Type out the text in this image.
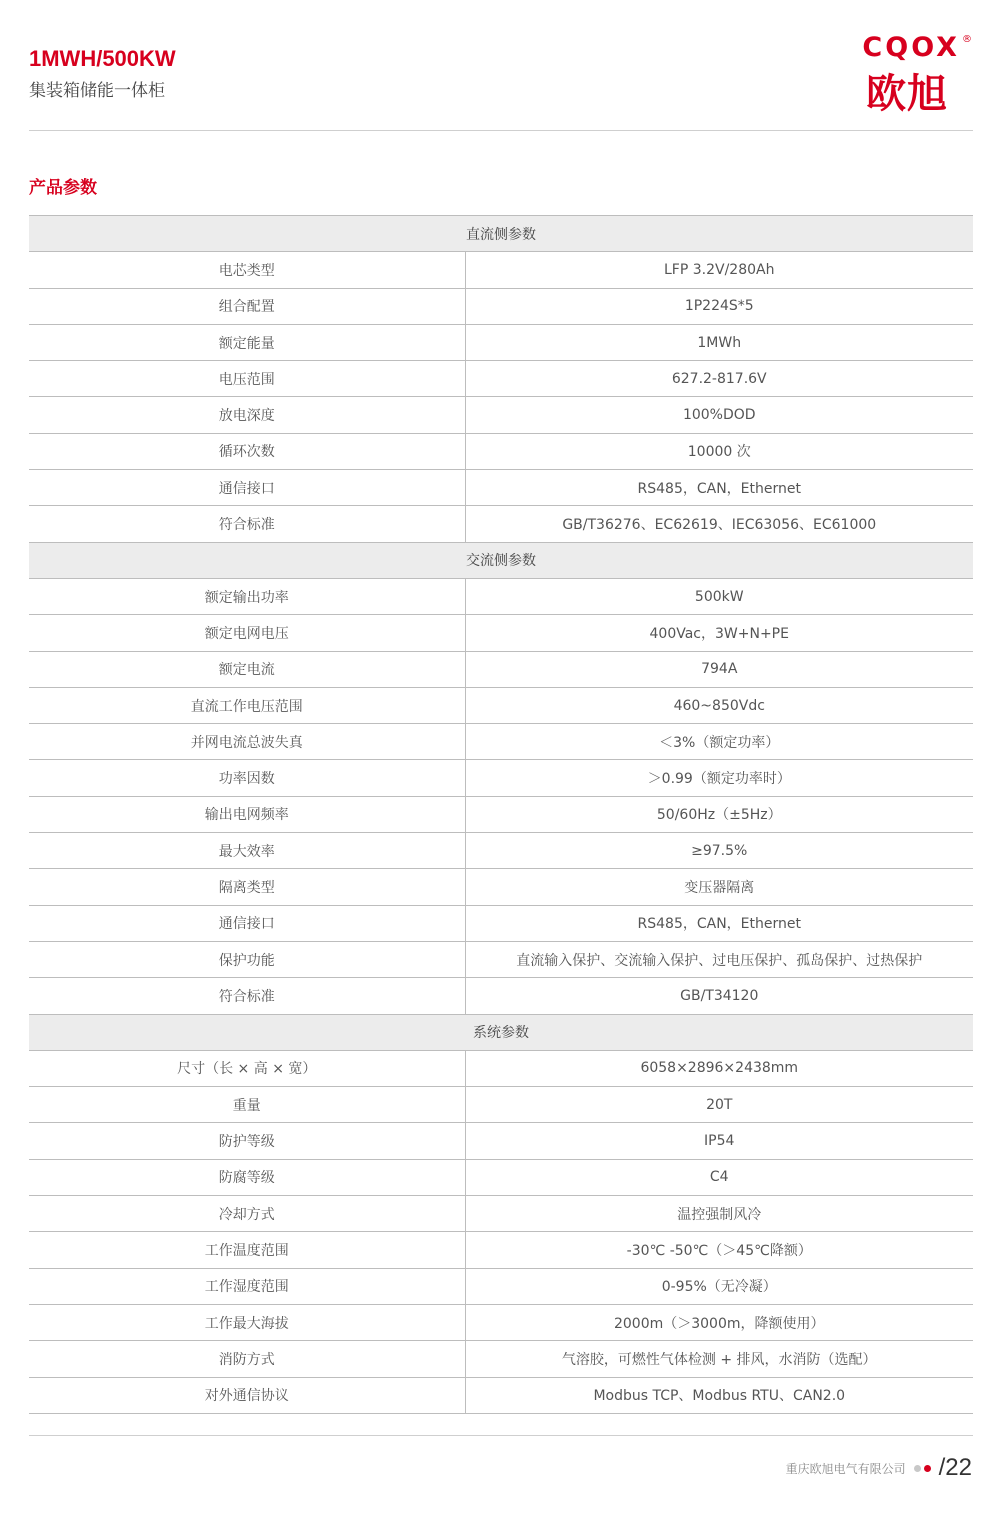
1MWH/500KW
集装箱储能一体柜
CQOX ®
欧旭
产品参数
直流侧参数	
电芯类型	LFP 3.2V/280Ah
组合配置	1P224S*5
额定能量	1MWh
电压范围	627.2-817.6V
放电深度	100%DOD
循环次数	10000 次
通信接口	RS485，CAN，Ethernet
符合标准	GB/T36276、EC62619、IEC63056、EC61000
交流侧参数	
额定输出功率	500kW
额定电网电压	400Vac，3W+N+PE
额定电流	794A
直流工作电压范围	460~850Vdc
并网电流总波失真	＜3%（额定功率）
功率因数	＞0.99（额定功率时）
输出电网频率	50/60Hz（±5Hz）
最大效率	≥97.5%
隔离类型	变压器隔离
通信接口	RS485，CAN，Ethernet
保护功能	直流输入保护、交流输入保护、过电压保护、孤岛保护、过热保护
符合标准	GB/T34120
系统参数	
尺寸（长 × 高 × 宽）	6058×2896×2438mm
重量	20T
防护等级	IP54
防腐等级	C4
冷却方式	温控强制风冷
工作温度范围	-30℃ -50℃（＞45℃降额）
工作湿度范围	0-95%（无冷凝）
工作最大海拔	2000m（＞3000m，降额使用）
消防方式	气溶胶，可燃性气体检测 + 排风，水消防（选配）
对外通信协议	Modbus TCP、Modbus RTU、CAN2.0
重庆欧旭电气有限公司 /22
